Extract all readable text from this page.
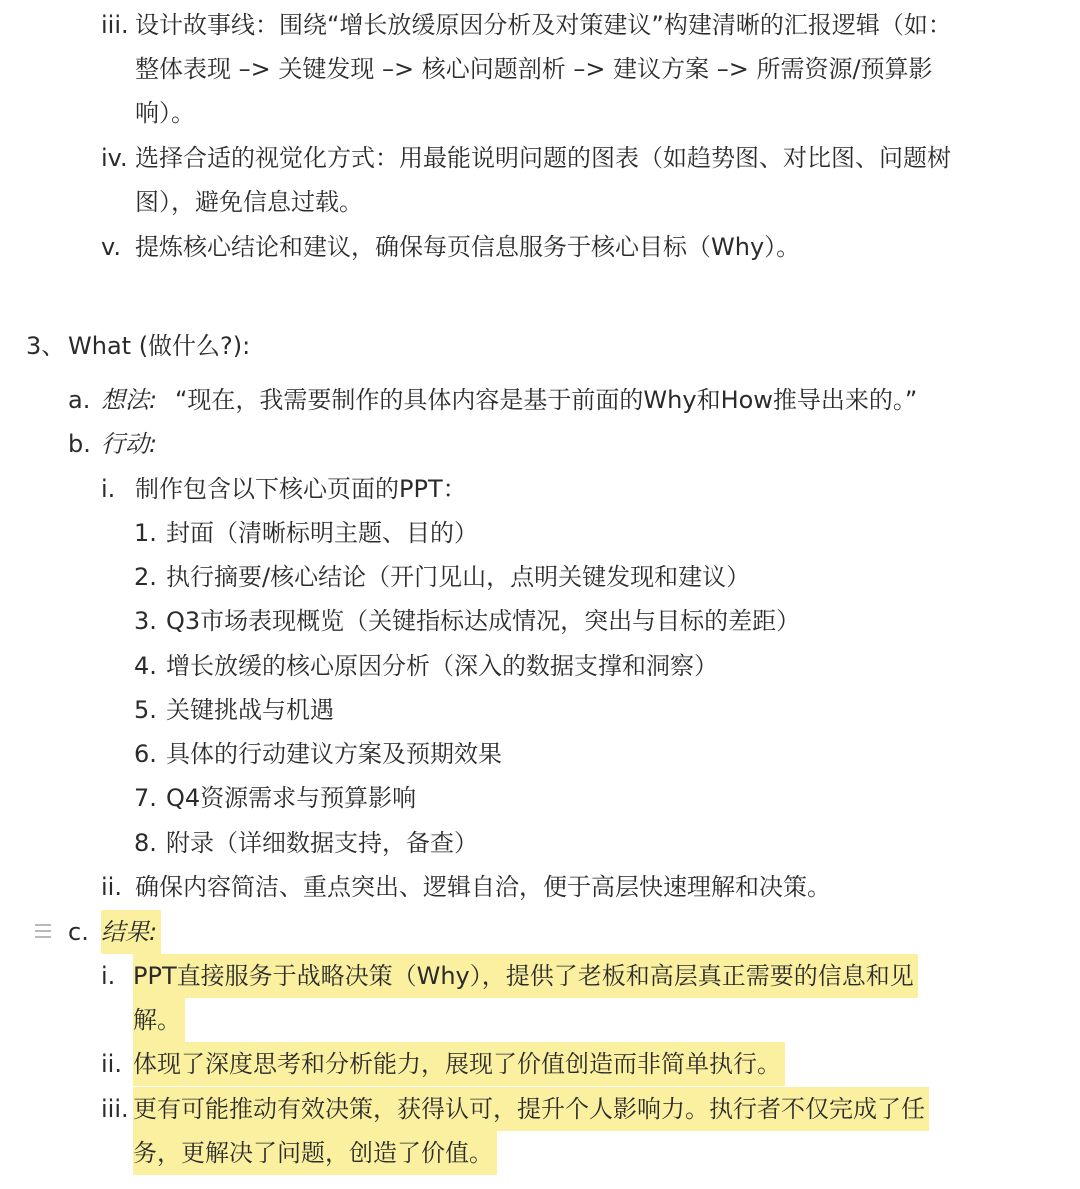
iii. 设计故事线：围绕“增长放缓原因分析及对策建议”构建清晰的汇报逻辑（如：
整体表现 –> 关键发现 –> 核心问题剖析 –> 建议方案 –> 所需资源/预算影
响）。
iv. 选择合适的视觉化方式：用最能说明问题的图表（如趋势图、对比图、问题树
图），避免信息过载。
v. 提炼核心结论和建议，确保每页信息服务于核心目标（Why）。
3、 What (做什么?):
a. 想法: “现在，我需要制作的具体内容是基于前面的Why和How推导出来的。”
b. 行动:
i. 制作包含以下核心页面的PPT：
1. 封面（清晰标明主题、目的）
2. 执行摘要/核心结论（开门见山，点明关键发现和建议）
3. Q3市场表现概览（关键指标达成情况，突出与目标的差距）
4. 增长放缓的核心原因分析（深入的数据支撑和洞察）
5. 关键挑战与机遇
6. 具体的行动建议方案及预期效果
7. Q4资源需求与预算影响
8. 附录（详细数据支持，备查）
ii. 确保内容简洁、重点突出、逻辑自洽，便于高层快速理解和决策。
c. 结果:
i. PPT直接服务于战略决策（Why），提供了老板和高层真正需要的信息和见
解。
ii. 体现了深度思考和分析能力，展现了价值创造而非简单执行。
iii. 更有可能推动有效决策，获得认可，提升个人影响力。执行者不仅完成了任
务，更解决了问题，创造了价值。
